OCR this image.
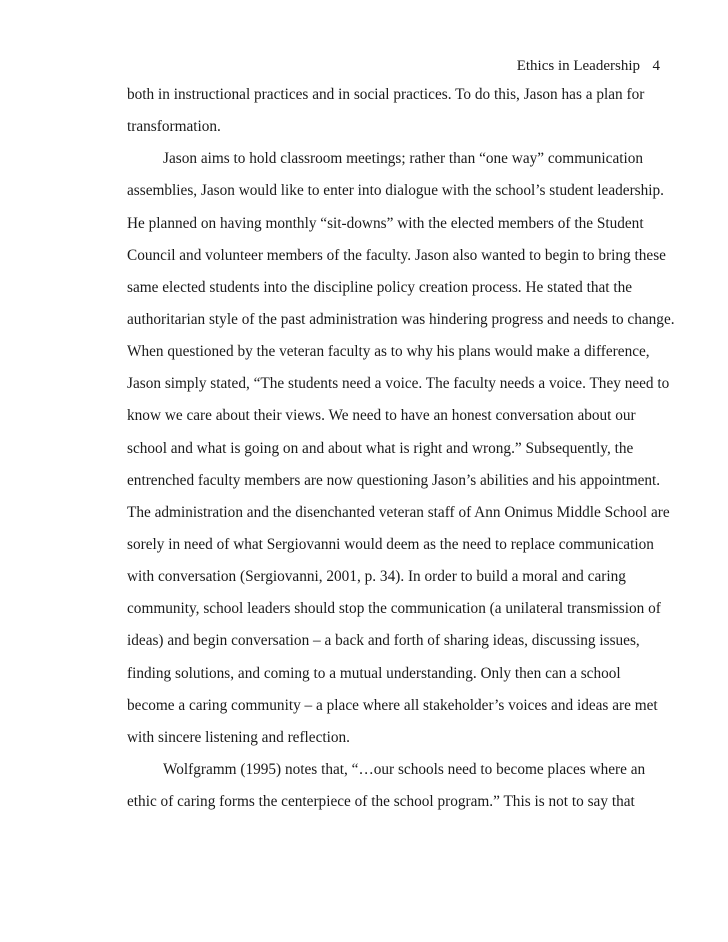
Ethics in Leadership 4
both in instructional practices and in social practices. To do this, Jason has a plan for
transformation.
Jason aims to hold classroom meetings; rather than “one way” communication
assemblies, Jason would like to enter into dialogue with the school’s student leadership.
He planned on having monthly “sit-downs” with the elected members of the Student
Council and volunteer members of the faculty. Jason also wanted to begin to bring these
same elected students into the discipline policy creation process. He stated that the
authoritarian style of the past administration was hindering progress and needs to change.
When questioned by the veteran faculty as to why his plans would make a difference,
Jason simply stated, “The students need a voice. The faculty needs a voice. They need to
know we care about their views. We need to have an honest conversation about our
school and what is going on and about what is right and wrong.” Subsequently, the
entrenched faculty members are now questioning Jason’s abilities and his appointment.
The administration and the disenchanted veteran staff of Ann Onimus Middle School are
sorely in need of what Sergiovanni would deem as the need to replace communication
with conversation (Sergiovanni, 2001, p. 34). In order to build a moral and caring
community, school leaders should stop the communication (a unilateral transmission of
ideas) and begin conversation – a back and forth of sharing ideas, discussing issues,
finding solutions, and coming to a mutual understanding. Only then can a school
become a caring community – a place where all stakeholder’s voices and ideas are met
with sincere listening and reflection.
Wolfgramm (1995) notes that, “…our schools need to become places where an
ethic of caring forms the centerpiece of the school program.” This is not to say that
